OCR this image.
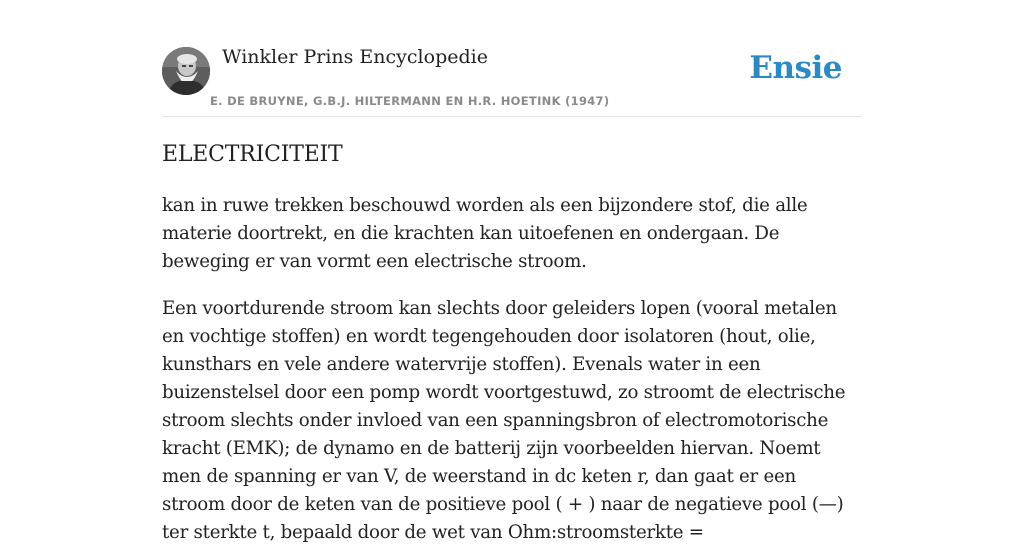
Winkler Prins Encyclopedie
E. DE BRUYNE, G.B.J. HILTERMANN EN H.R. HOETINK (1947)
Ensie
ELECTRICITEIT

kan in ruwe trekken beschouwd worden als een bijzondere stof, die alle materie doortrekt, en die krachten kan uitoefenen en ondergaan. De beweging er van vormt een electrische stroom.

Een voortdurende stroom kan slechts door geleiders lopen (vooral metalen en vochtige stoffen) en wordt tegengehouden door isolatoren (hout, olie, kunsthars en vele andere watervrije stoffen). Evenals water in een buizenstelsel door een pomp wordt voortgestuwd, zo stroomt de electrische stroom slechts onder invloed van een spanningsbron of electromotorische kracht (EMK); de dynamo en de batterij zijn voorbeelden hiervan. Noemt men de spanning er van V, de weerstand in dc keten r, dan gaat er een stroom door de keten van de positieve pool ( + ) naar de negatieve pool (—) ter sterkte t, bepaald door de wet van Ohm:stroomsterkte =
